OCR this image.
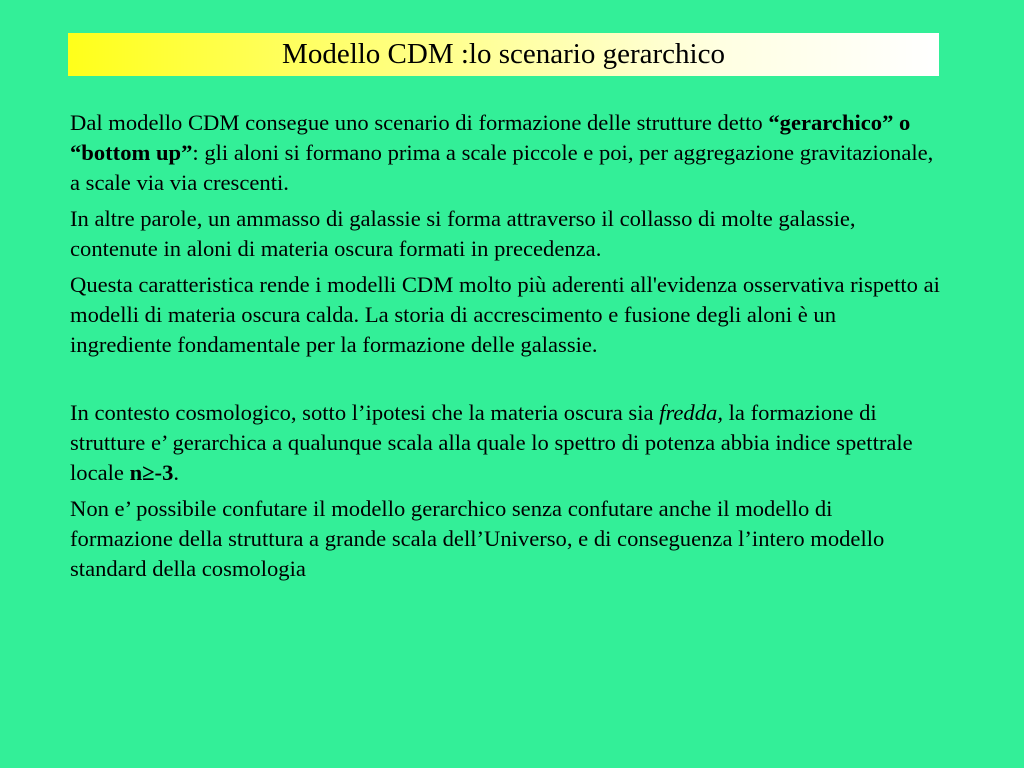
Modello CDM :lo scenario gerarchico

Dal modello CDM consegue uno scenario di formazione delle strutture detto “gerarchico” o “bottom up”: gli aloni si formano prima a scale piccole e poi, per aggregazione gravitazionale, a scale via via crescenti.

In altre parole, un ammasso di galassie si forma attraverso il collasso di molte galassie, contenute in aloni di materia oscura formati in precedenza.

Questa caratteristica rende i modelli CDM molto più aderenti all'evidenza osservativa rispetto ai modelli di materia oscura calda. La storia di accrescimento e fusione degli aloni è un ingrediente fondamentale per la formazione delle galassie.

In contesto cosmologico, sotto l’ipotesi che la materia oscura sia fredda, la formazione di strutture e’ gerarchica a qualunque scala alla quale lo spettro di potenza abbia indice spettrale locale n≥-3.

Non e’ possibile confutare il modello gerarchico senza confutare anche il modello di formazione della struttura a grande scala dell’Universo, e di conseguenza l’intero modello standard della cosmologia
